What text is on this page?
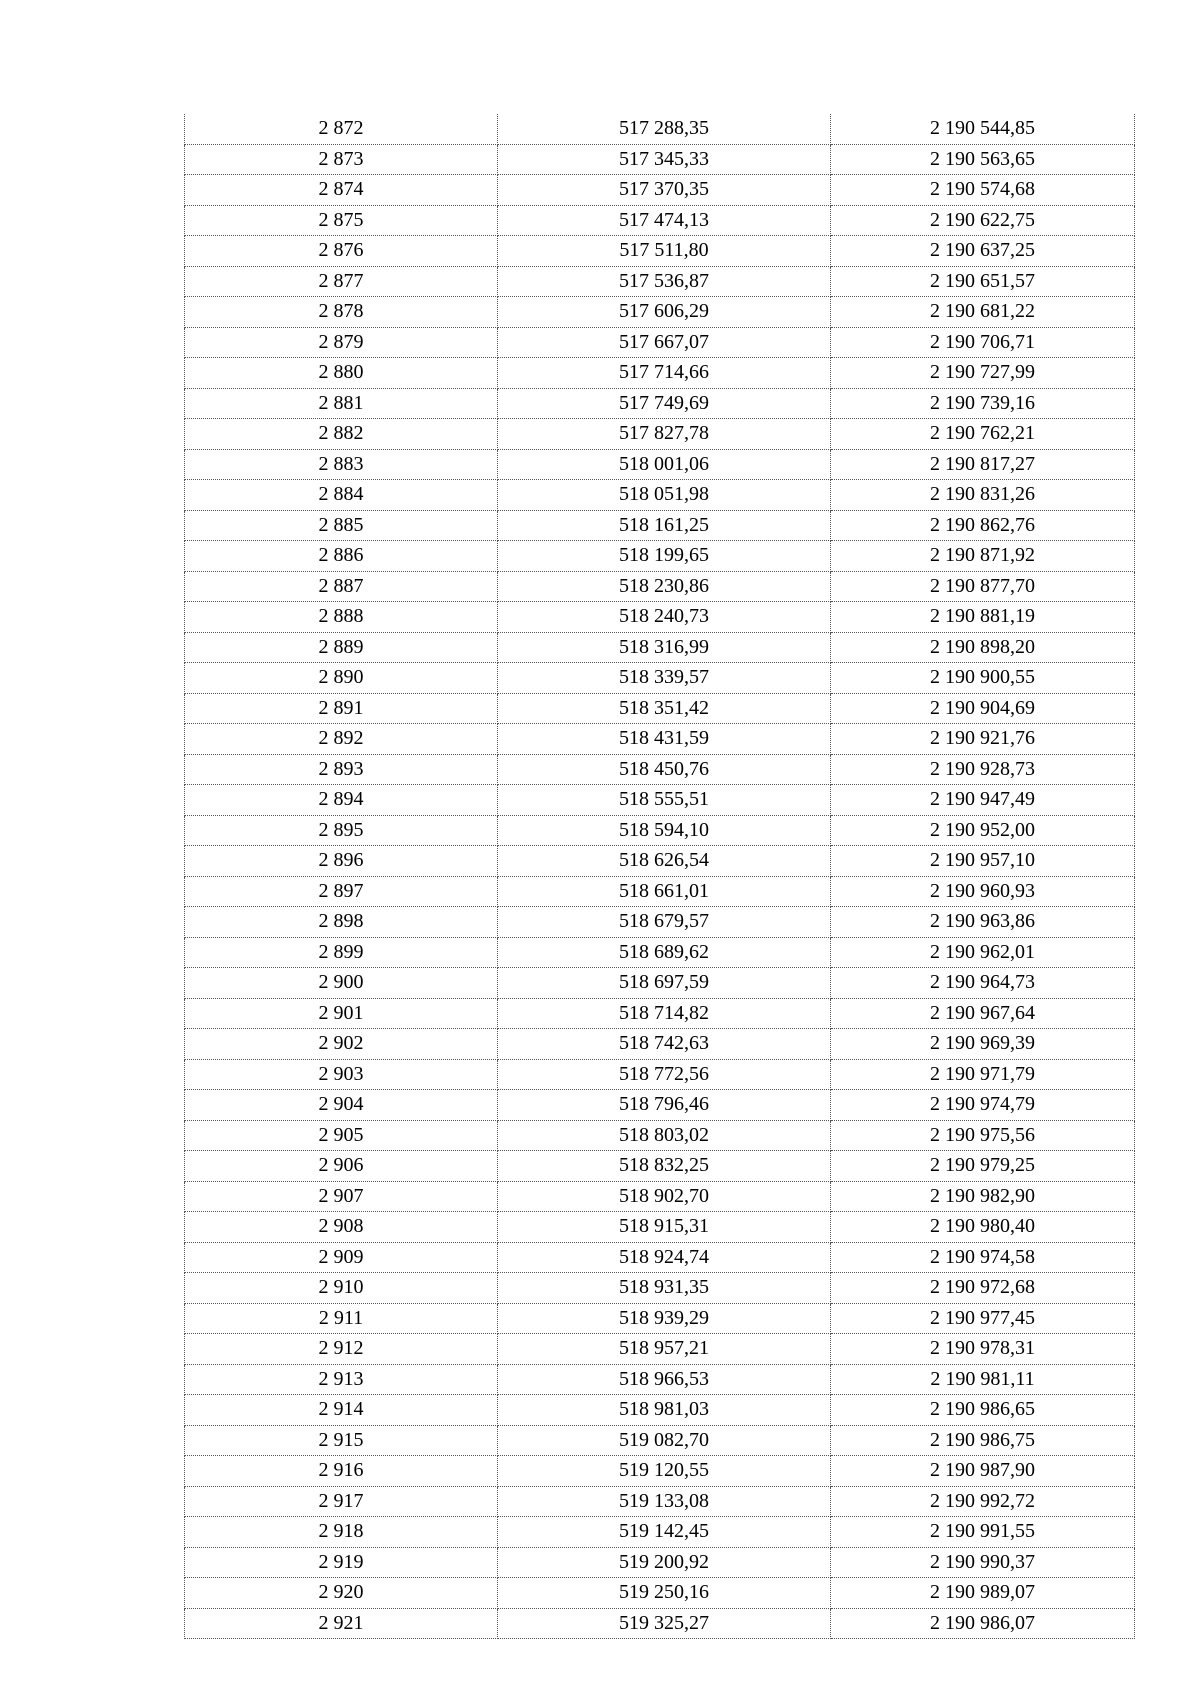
2 872	517 288,35	2 190 544,85
2 873	517 345,33	2 190 563,65
2 874	517 370,35	2 190 574,68
2 875	517 474,13	2 190 622,75
2 876	517 511,80	2 190 637,25
2 877	517 536,87	2 190 651,57
2 878	517 606,29	2 190 681,22
2 879	517 667,07	2 190 706,71
2 880	517 714,66	2 190 727,99
2 881	517 749,69	2 190 739,16
2 882	517 827,78	2 190 762,21
2 883	518 001,06	2 190 817,27
2 884	518 051,98	2 190 831,26
2 885	518 161,25	2 190 862,76
2 886	518 199,65	2 190 871,92
2 887	518 230,86	2 190 877,70
2 888	518 240,73	2 190 881,19
2 889	518 316,99	2 190 898,20
2 890	518 339,57	2 190 900,55
2 891	518 351,42	2 190 904,69
2 892	518 431,59	2 190 921,76
2 893	518 450,76	2 190 928,73
2 894	518 555,51	2 190 947,49
2 895	518 594,10	2 190 952,00
2 896	518 626,54	2 190 957,10
2 897	518 661,01	2 190 960,93
2 898	518 679,57	2 190 963,86
2 899	518 689,62	2 190 962,01
2 900	518 697,59	2 190 964,73
2 901	518 714,82	2 190 967,64
2 902	518 742,63	2 190 969,39
2 903	518 772,56	2 190 971,79
2 904	518 796,46	2 190 974,79
2 905	518 803,02	2 190 975,56
2 906	518 832,25	2 190 979,25
2 907	518 902,70	2 190 982,90
2 908	518 915,31	2 190 980,40
2 909	518 924,74	2 190 974,58
2 910	518 931,35	2 190 972,68
2 911	518 939,29	2 190 977,45
2 912	518 957,21	2 190 978,31
2 913	518 966,53	2 190 981,11
2 914	518 981,03	2 190 986,65
2 915	519 082,70	2 190 986,75
2 916	519 120,55	2 190 987,90
2 917	519 133,08	2 190 992,72
2 918	519 142,45	2 190 991,55
2 919	519 200,92	2 190 990,37
2 920	519 250,16	2 190 989,07
2 921	519 325,27	2 190 986,07
